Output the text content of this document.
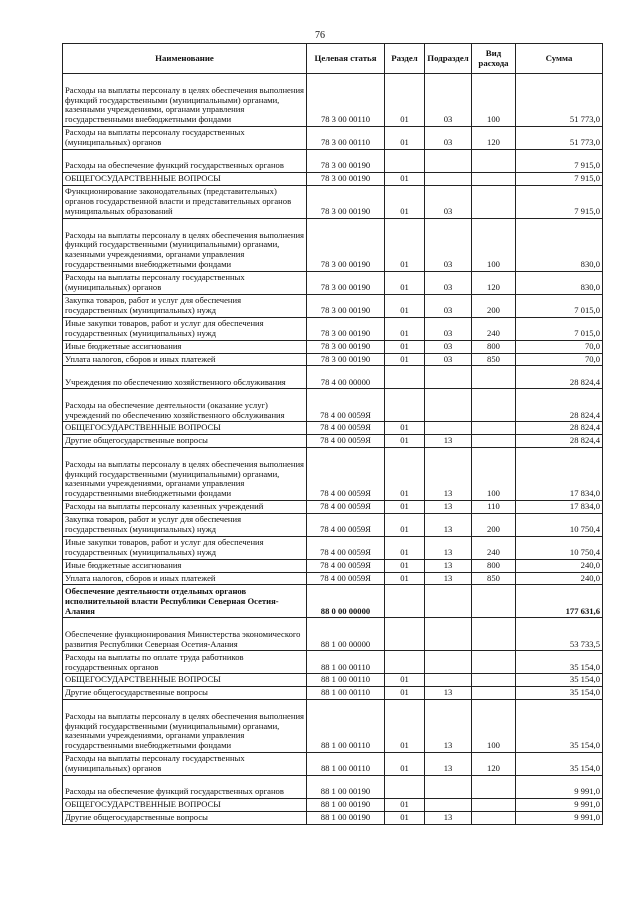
76
Наименование	Целевая статья	Раздел	Подраздел	Вид расхода	Сумма
Расходы на выплаты персоналу в целях обеспечения выполнения функций государственными (муниципальными) органами, казенными учреждениями, органами управления государственными внебюджетными фондами	78 3 00 00110	01	03	100	51 773,0
Расходы на выплаты персоналу государственных (муниципальных) органов	78 3 00 00110	01	03	120	51 773,0
Расходы на обеспечение функций государственных органов	78 3 00 00190				7 915,0
ОБЩЕГОСУДАРСТВЕННЫЕ ВОПРОСЫ	78 3 00 00190	01			7 915,0
Функционирование законодательных (представительных) органов государственной власти и представительных органов муниципальных образований	78 3 00 00190	01	03		7 915,0
Расходы на выплаты персоналу в целях обеспечения выполнения функций государственными (муниципальными) органами, казенными учреждениями, органами управления государственными внебюджетными фондами	78 3 00 00190	01	03	100	830,0
Расходы на выплаты персоналу государственных (муниципальных) органов	78 3 00 00190	01	03	120	830,0
Закупка товаров, работ и услуг для обеспечения государственных (муниципальных) нужд	78 3 00 00190	01	03	200	7 015,0
Иные закупки товаров, работ и услуг для обеспечения государственных (муниципальных) нужд	78 3 00 00190	01	03	240	7 015,0
Иные бюджетные ассигнования	78 3 00 00190	01	03	800	70,0
Уплата налогов, сборов и иных платежей	78 3 00 00190	01	03	850	70,0
Учреждения по обеспечению хозяйственного обслуживания	78 4 00 00000				28 824,4
Расходы на обеспечение деятельности (оказание услуг) учреждений по обеспечению хозяйственного обслуживания	78 4 00 0059Я				28 824,4
ОБЩЕГОСУДАРСТВЕННЫЕ ВОПРОСЫ	78 4 00 0059Я	01			28 824,4
Другие общегосударственные вопросы	78 4 00 0059Я	01	13		28 824,4
Расходы на выплаты персоналу в целях обеспечения выполнения функций государственными (муниципальными) органами, казенными учреждениями, органами управления государственными внебюджетными фондами	78 4 00 0059Я	01	13	100	17 834,0
Расходы на выплаты персоналу казенных учреждений	78 4 00 0059Я	01	13	110	17 834,0
Закупка товаров, работ и услуг для обеспечения государственных (муниципальных) нужд	78 4 00 0059Я	01	13	200	10 750,4
Иные закупки товаров, работ и услуг для обеспечения государственных (муниципальных) нужд	78 4 00 0059Я	01	13	240	10 750,4
Иные бюджетные ассигнования	78 4 00 0059Я	01	13	800	240,0
Уплата налогов, сборов и иных платежей	78 4 00 0059Я	01	13	850	240,0
Обеспечение деятельности отдельных органов исполнительной власти Республики Северная Осетия-Алания	88 0 00 00000				177 631,6
Обеспечение функционирования Министерства экономического развития Республики Северная Осетия-Алания	88 1 00 00000				53 733,5
Расходы на выплаты по оплате труда работников государственных органов	88 1 00 00110				35 154,0
ОБЩЕГОСУДАРСТВЕННЫЕ ВОПРОСЫ	88 1 00 00110	01			35 154,0
Другие общегосударственные вопросы	88 1 00 00110	01	13		35 154,0
Расходы на выплаты персоналу в целях обеспечения выполнения функций государственными (муниципальными) органами, казенными учреждениями, органами управления государственными внебюджетными фондами	88 1 00 00110	01	13	100	35 154,0
Расходы на выплаты персоналу государственных (муниципальных) органов	88 1 00 00110	01	13	120	35 154,0
Расходы на обеспечение функций государственных органов	88 1 00 00190				9 991,0
ОБЩЕГОСУДАРСТВЕННЫЕ ВОПРОСЫ	88 1 00 00190	01			9 991,0
Другие общегосударственные вопросы	88 1 00 00190	01	13		9 991,0
